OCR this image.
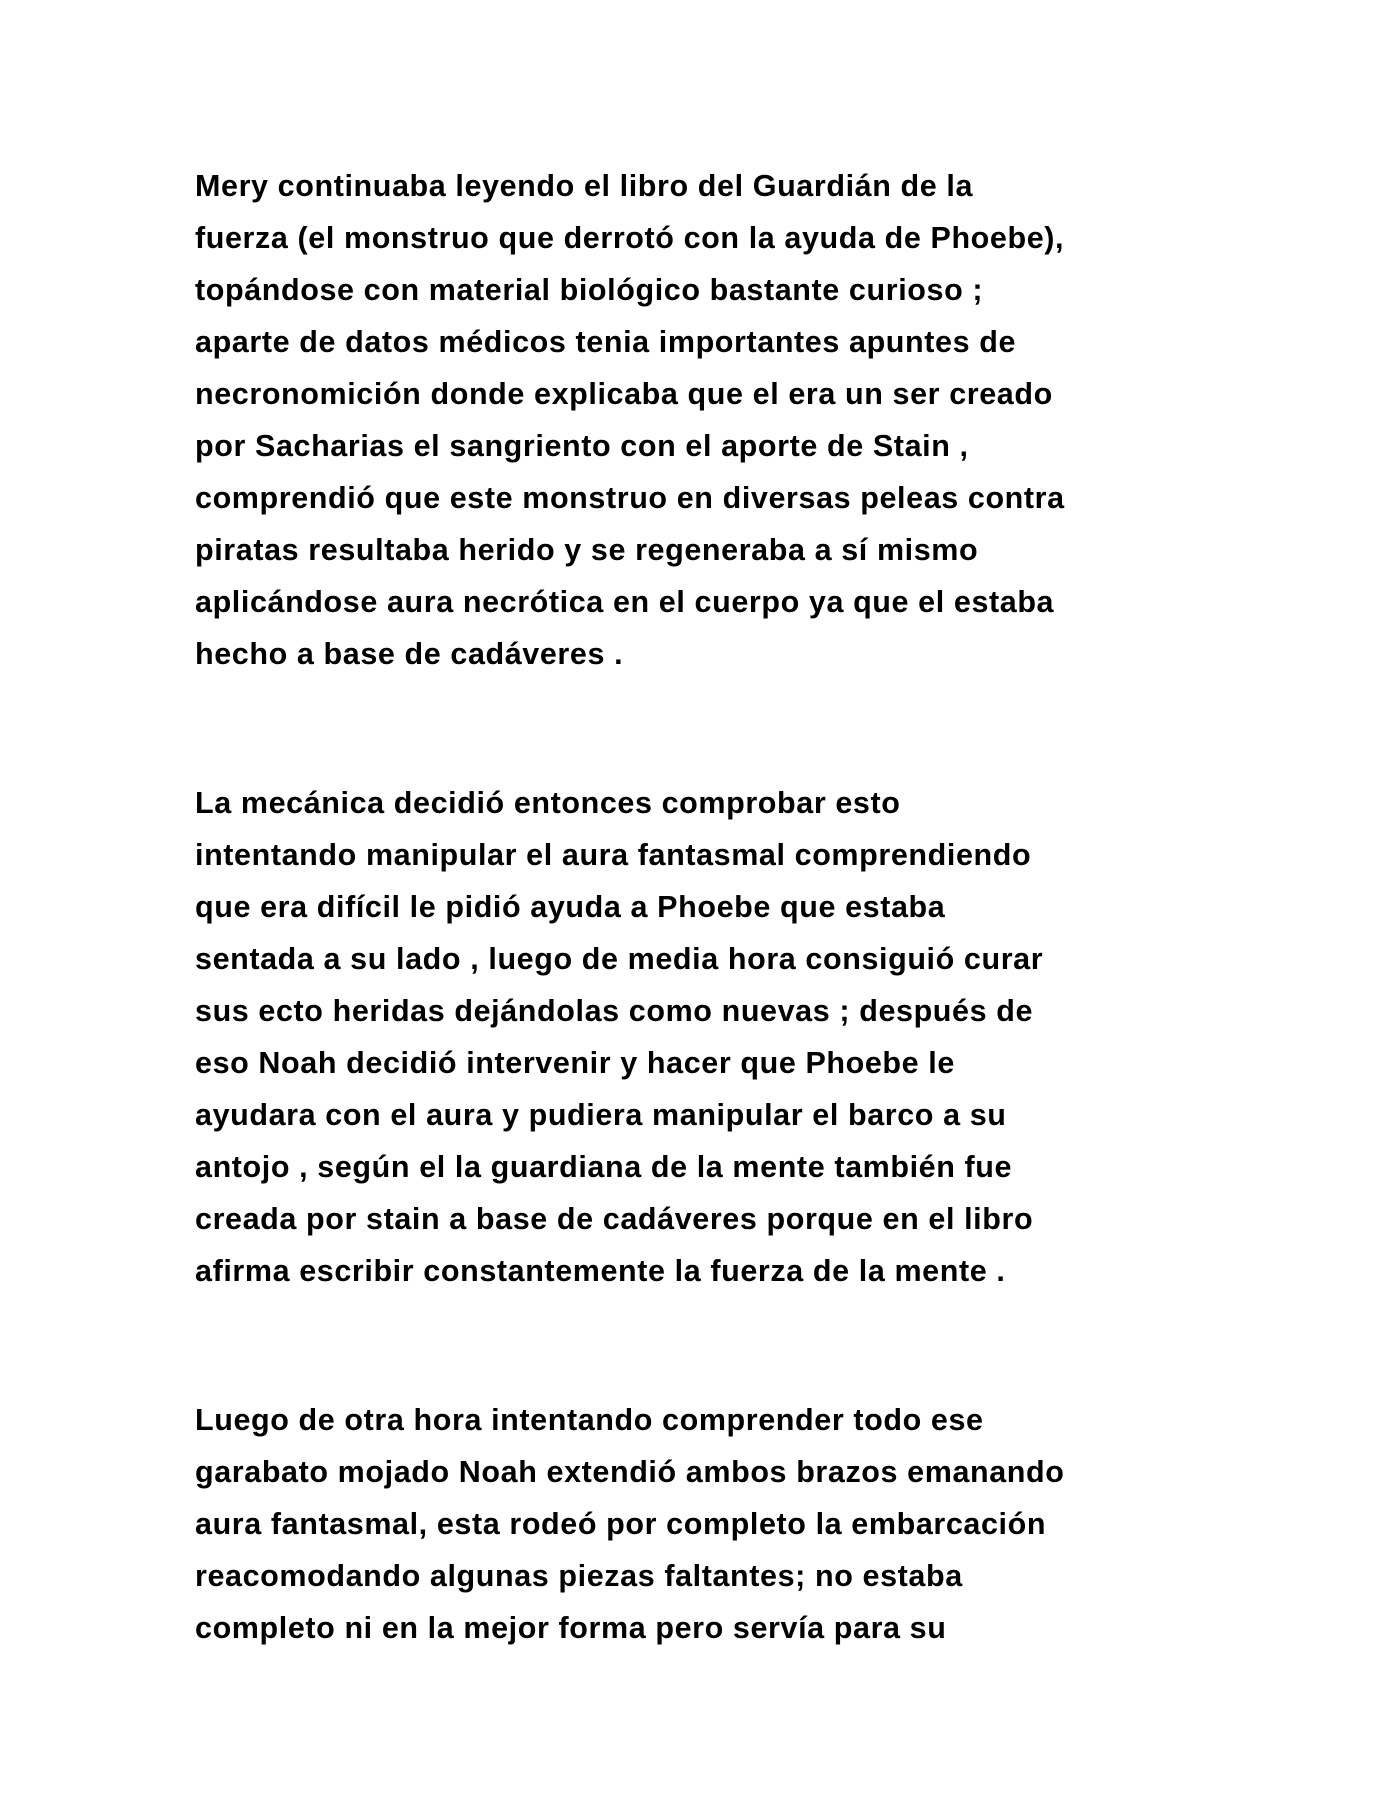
Mery continuaba leyendo el libro del Guardián de la
fuerza (el monstruo que derrotó con la ayuda de Phoebe),
topándose con material biológico bastante curioso ;
aparte de datos médicos tenia importantes apuntes de
necronomición donde explicaba que el era un ser creado
por Sacharias el sangriento con el aporte de Stain ,
comprendió que este monstruo en diversas peleas contra
piratas resultaba herido y se regeneraba a sí mismo
aplicándose aura necrótica en el cuerpo ya que el estaba
hecho a base de cadáveres .
La mecánica decidió entonces comprobar esto
intentando manipular el aura fantasmal comprendiendo
que era difícil le pidió ayuda a Phoebe que estaba
sentada a su lado , luego de media hora consiguió curar
sus ecto heridas dejándolas como nuevas ; después de
eso Noah decidió intervenir y hacer que Phoebe le
ayudara con el aura y pudiera manipular el barco a su
antojo , según el la guardiana de la mente también fue
creada por stain a base de cadáveres porque en el libro
afirma escribir constantemente la fuerza de la mente .
Luego de otra hora intentando comprender todo ese
garabato mojado Noah extendió ambos brazos emanando
aura fantasmal, esta rodeó por completo la embarcación
reacomodando algunas piezas faltantes; no estaba
completo ni en la mejor forma pero servía para su
